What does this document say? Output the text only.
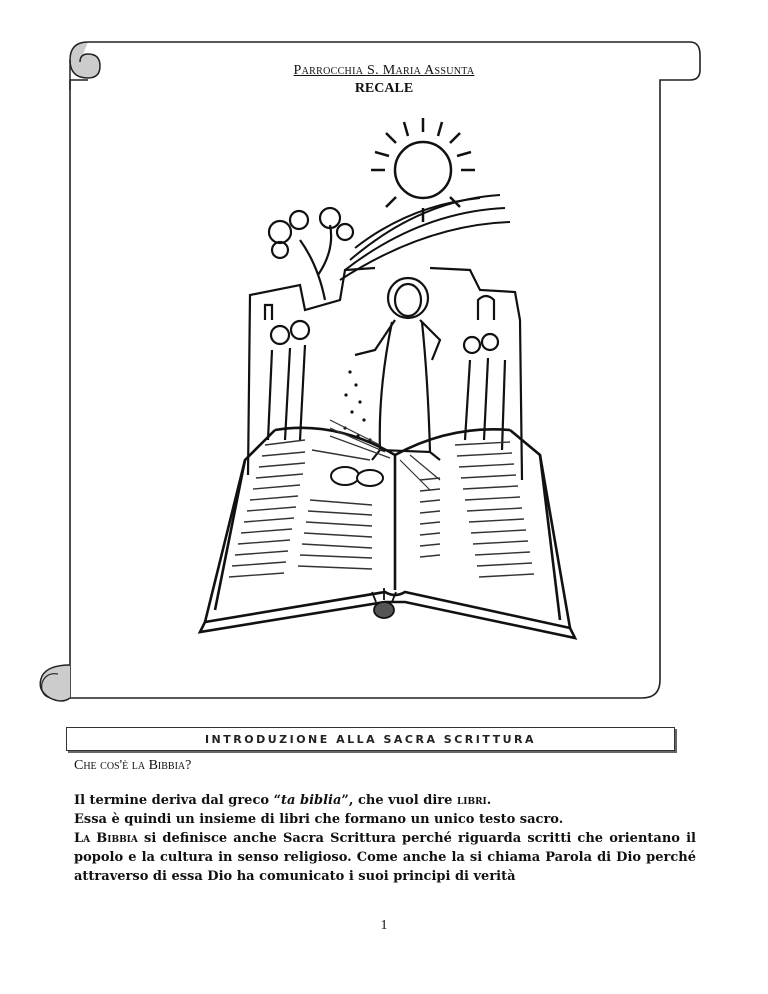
Parrocchia S. Maria Assunta
RECALE
INTRODUZIONE ALLA SACRA SCRITTURA
Che cos'è la Bibbia?

Il termine deriva dal greco “ta biblia”, che vuol dire libri.

Essa è quindi un insieme di libri che formano un unico testo sacro.

La Bibbia si definisce anche Sacra Scrittura perché riguarda scritti che orientano il popolo e la cultura in senso religioso. Come anche la si chiama Parola di Dio perché attraverso di essa Dio ha comunicato i suoi principi di verità

1
